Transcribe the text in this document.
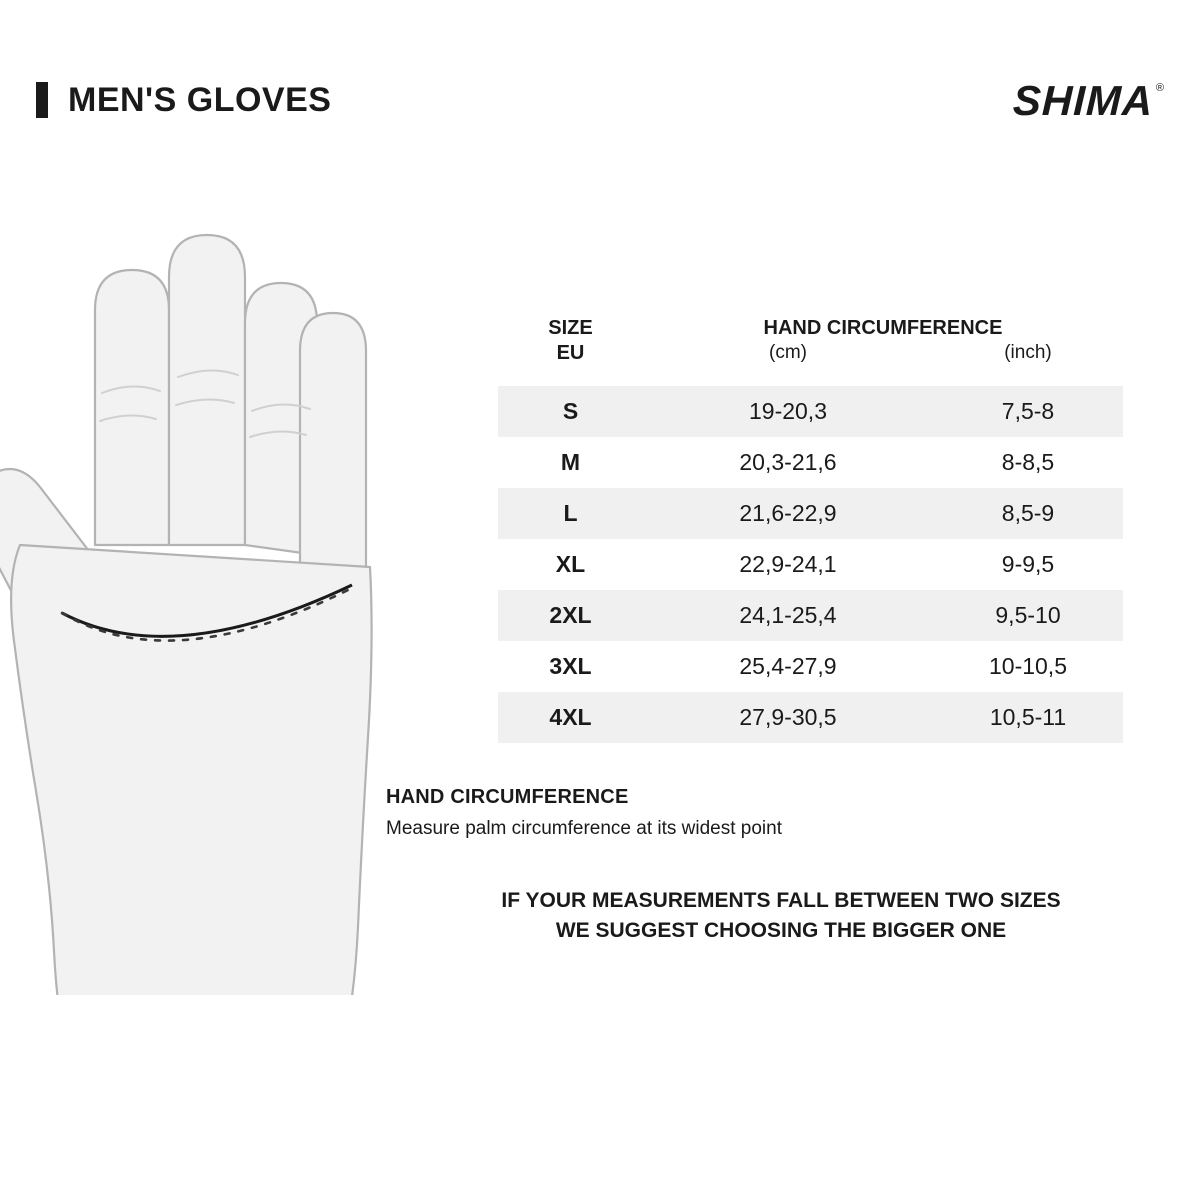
MEN'S GLOVES	SHIMA ®
SIZE	HAND CIRCUMFERENCE	
EU	(cm)	(inch)
S	19-20,3	7,5-8
M	20,3-21,6	8-8,5
L	21,6-22,9	8,5-9
XL	22,9-24,1	9-9,5
2XL	24,1-25,4	9,5-10
3XL	25,4-27,9	10-10,5
4XL	27,9-30,5	10,5-11
HAND CIRCUMFERENCE
Measure palm circumference at its widest point
IF YOUR MEASUREMENTS FALL BETWEEN TWO SIZES
WE SUGGEST CHOOSING THE BIGGER ONE
